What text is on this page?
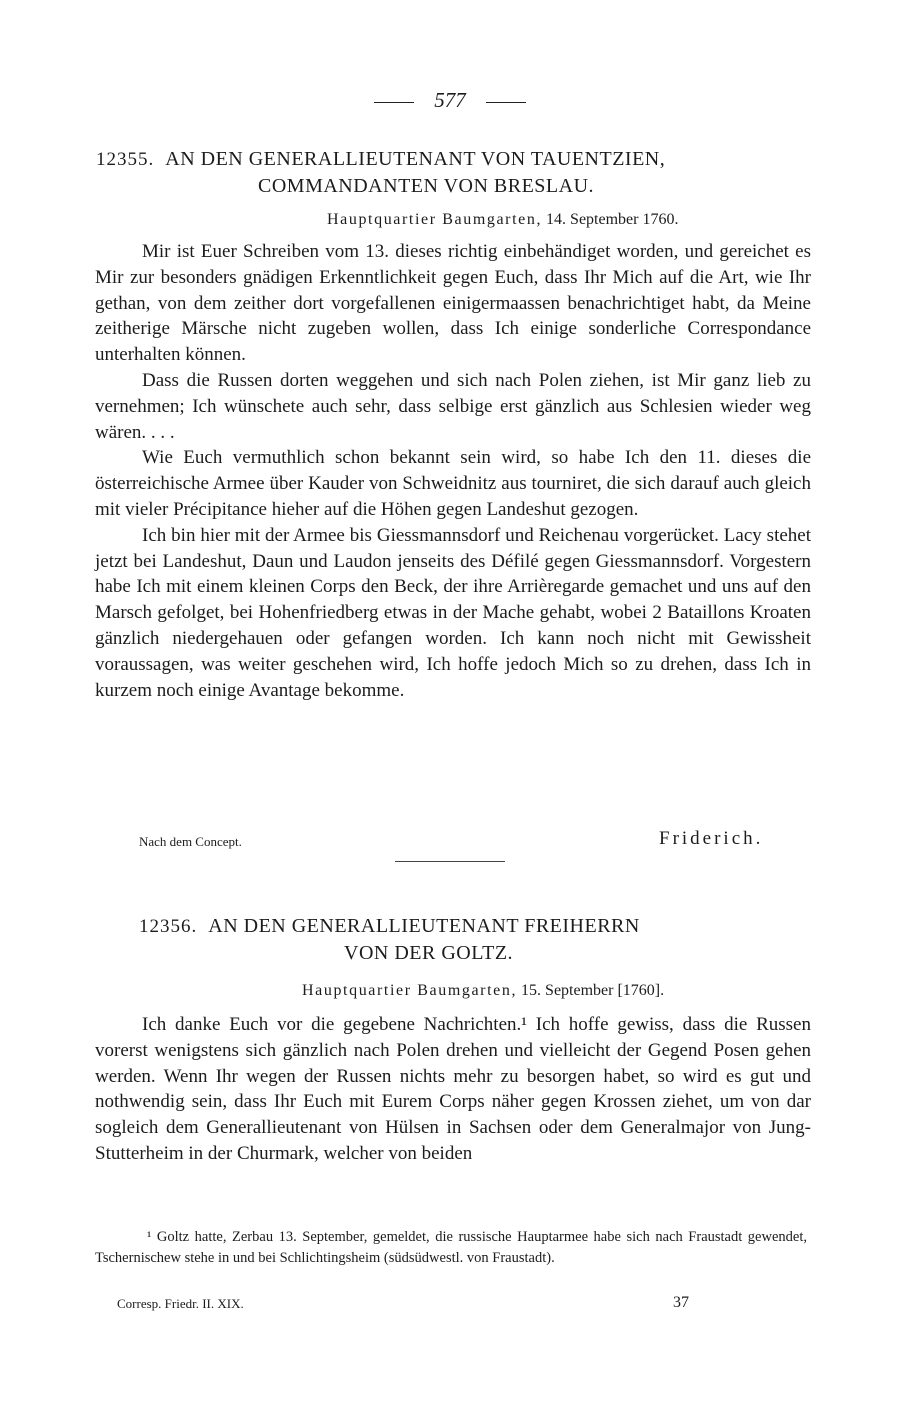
577
12355. AN DEN GENERALLIEUTENANT VON TAUENTZIEN,
COMMANDANTEN VON BRESLAU.
Hauptquartier Baumgarten, 14. September 1760.

Mir ist Euer Schreiben vom 13. dieses richtig einbehändiget worden, und gereichet es Mir zur besonders gnädigen Erkenntlichkeit gegen Euch, dass Ihr Mich auf die Art, wie Ihr gethan, von dem zeither dort vorgefallenen einigermaassen benachrichtiget habt, da Meine zeitherige Märsche nicht zugeben wollen, dass Ich einige sonderliche Correspondance unterhalten können.

Dass die Russen dorten weggehen und sich nach Polen ziehen, ist Mir ganz lieb zu vernehmen; Ich wünschete auch sehr, dass selbige erst gänzlich aus Schlesien wieder weg wären. . . .

Wie Euch vermuthlich schon bekannt sein wird, so habe Ich den 11. dieses die österreichische Armee über Kauder von Schweidnitz aus tourniret, die sich darauf auch gleich mit vieler Précipitance hieher auf die Höhen gegen Landeshut gezogen.

Ich bin hier mit der Armee bis Giessmannsdorf und Reichenau vorgerücket. Lacy stehet jetzt bei Landeshut, Daun und Laudon jenseits des Défilé gegen Giessmannsdorf. Vorgestern habe Ich mit einem kleinen Corps den Beck, der ihre Arrièregarde gemachet und uns auf den Marsch gefolget, bei Hohenfriedberg etwas in der Mache gehabt, wobei 2 Bataillons Kroaten gänzlich niedergehauen oder gefangen worden. Ich kann noch nicht mit Gewissheit voraussagen, was weiter geschehen wird, Ich hoffe jedoch Mich so zu drehen, dass Ich in kurzem noch einige Avantage bekomme.

Nach dem Concept.	Friderich.
12356. AN DEN GENERALLIEUTENANT FREIHERRN
VON DER GOLTZ.
Hauptquartier Baumgarten, 15. September [1760].

Ich danke Euch vor die gegebene Nachrichten.¹ Ich hoffe gewiss, dass die Russen vorerst wenigstens sich gänzlich nach Polen drehen und vielleicht der Gegend Posen gehen werden. Wenn Ihr wegen der Russen nichts mehr zu besorgen habet, so wird es gut und nothwendig sein, dass Ihr Euch mit Eurem Corps näher gegen Krossen ziehet, um von dar sogleich dem Generallieutenant von Hülsen in Sachsen oder dem Generalmajor von Jung-Stutterheim in der Churmark, welcher von beiden

¹ Goltz hatte, Zerbau 13. September, gemeldet, die russische Hauptarmee habe sich nach Fraustadt gewendet, Tschernischew stehe in und bei Schlichtingsheim (südsüdwestl. von Fraustadt).

Corresp. Friedr. II. XIX.	37
